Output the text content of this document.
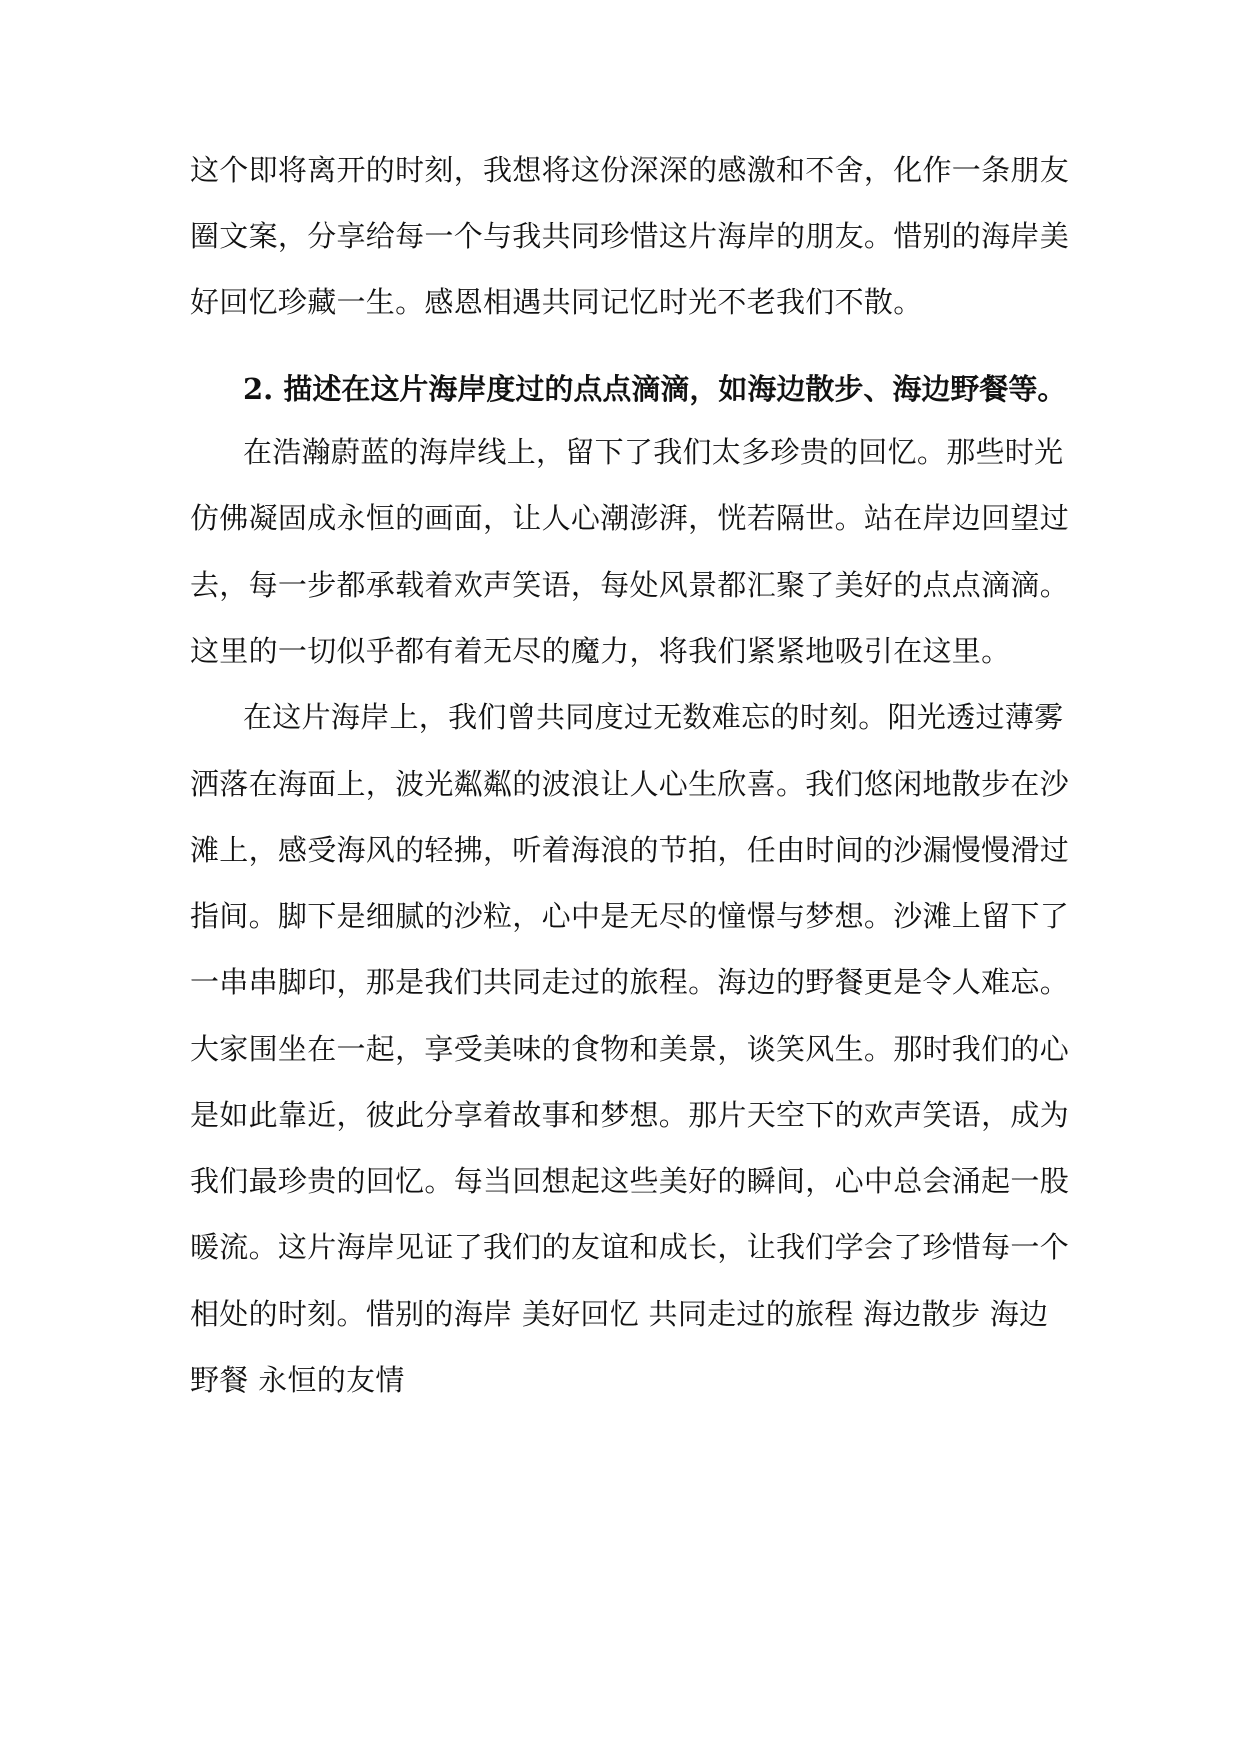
这个即将离开的时刻，我想将这份深深的感激和不舍，化作一条朋友
圈文案，分享给每一个与我共同珍惜这片海岸的朋友。惜别的海岸美
好回忆珍藏一生。感恩相遇共同记忆时光不老我们不散。
2. 描述在这片海岸度过的点点滴滴，如海边散步、海边野餐等。
在浩瀚蔚蓝的海岸线上，留下了我们太多珍贵的回忆。那些时光
仿佛凝固成永恒的画面，让人心潮澎湃，恍若隔世。站在岸边回望过
去，每一步都承载着欢声笑语，每处风景都汇聚了美好的点点滴滴。
这里的一切似乎都有着无尽的魔力，将我们紧紧地吸引在这里。
在这片海岸上，我们曾共同度过无数难忘的时刻。阳光透过薄雾
洒落在海面上，波光粼粼的波浪让人心生欣喜。我们悠闲地散步在沙
滩上，感受海风的轻拂，听着海浪的节拍，任由时间的沙漏慢慢滑过
指间。脚下是细腻的沙粒，心中是无尽的憧憬与梦想。沙滩上留下了
一串串脚印，那是我们共同走过的旅程。海边的野餐更是令人难忘。
大家围坐在一起，享受美味的食物和美景，谈笑风生。那时我们的心
是如此靠近，彼此分享着故事和梦想。那片天空下的欢声笑语，成为
我们最珍贵的回忆。每当回想起这些美好的瞬间，心中总会涌起一股
暖流。这片海岸见证了我们的友谊和成长，让我们学会了珍惜每一个
相处的时刻。惜别的海岸 美好回忆 共同走过的旅程 海边散步 海边
野餐 永恒的友情
